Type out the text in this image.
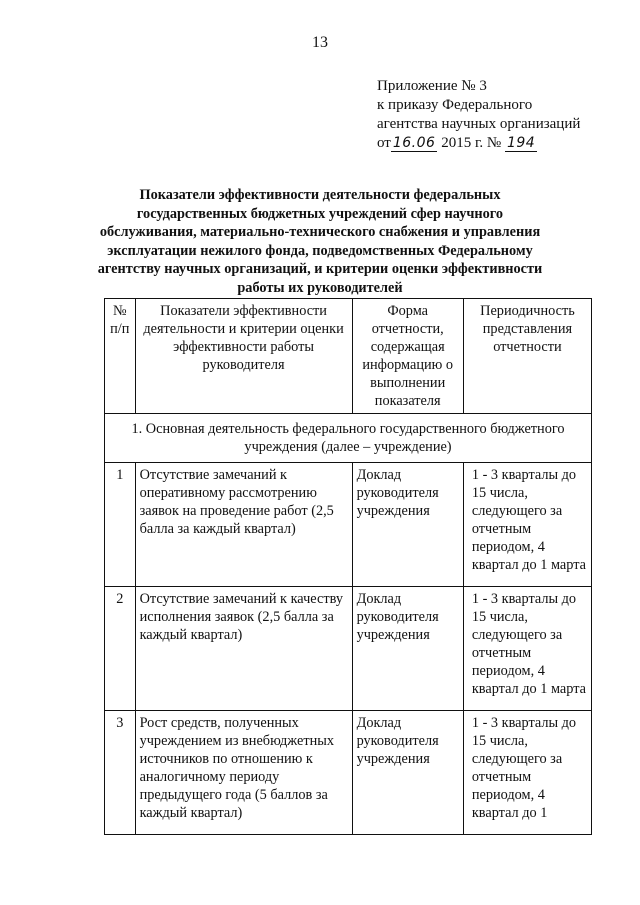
13
Приложение № 3
к приказу Федерального
агентства научных организаций
от 16.06 2015 г. № 194
Показатели эффективности деятельности федеральных государственных бюджетных учреждений сфер научного обслуживания, материально-технического снабжения и управления эксплуатации нежилого фонда, подведомственных Федеральному агентству научных организаций, и критерии оценки эффективности работы их руководителей
№ п/п	Показатели эффективности деятельности и критерии оценки эффективности работы руководителя	Форма отчетности, содержащая информацию о выполнении показателя	Периодичность представления отчетности
1. Основная деятельность федерального государственного бюджетного учреждения (далее – учреждение)			
1	Отсутствие замечаний к оперативному рассмотрению заявок на проведение работ (2,5 балла за каждый квартал)	Доклад руководителя учреждения	1 - 3 кварталы до 15 числа, следующего за отчетным периодом, 4 квартал до 1 марта
2	Отсутствие замечаний к качеству исполнения заявок (2,5 балла за каждый квартал)	Доклад руководителя учреждения	1 - 3 кварталы до 15 числа, следующего за отчетным периодом, 4 квартал до 1 марта
3	Рост средств, полученных учреждением из внебюджетных источников по отношению к аналогичному периоду предыдущего года (5 баллов за каждый квартал)	Доклад руководителя учреждения	1 - 3 кварталы до 15 числа, следующего за отчетным периодом, 4 квартал до 1
